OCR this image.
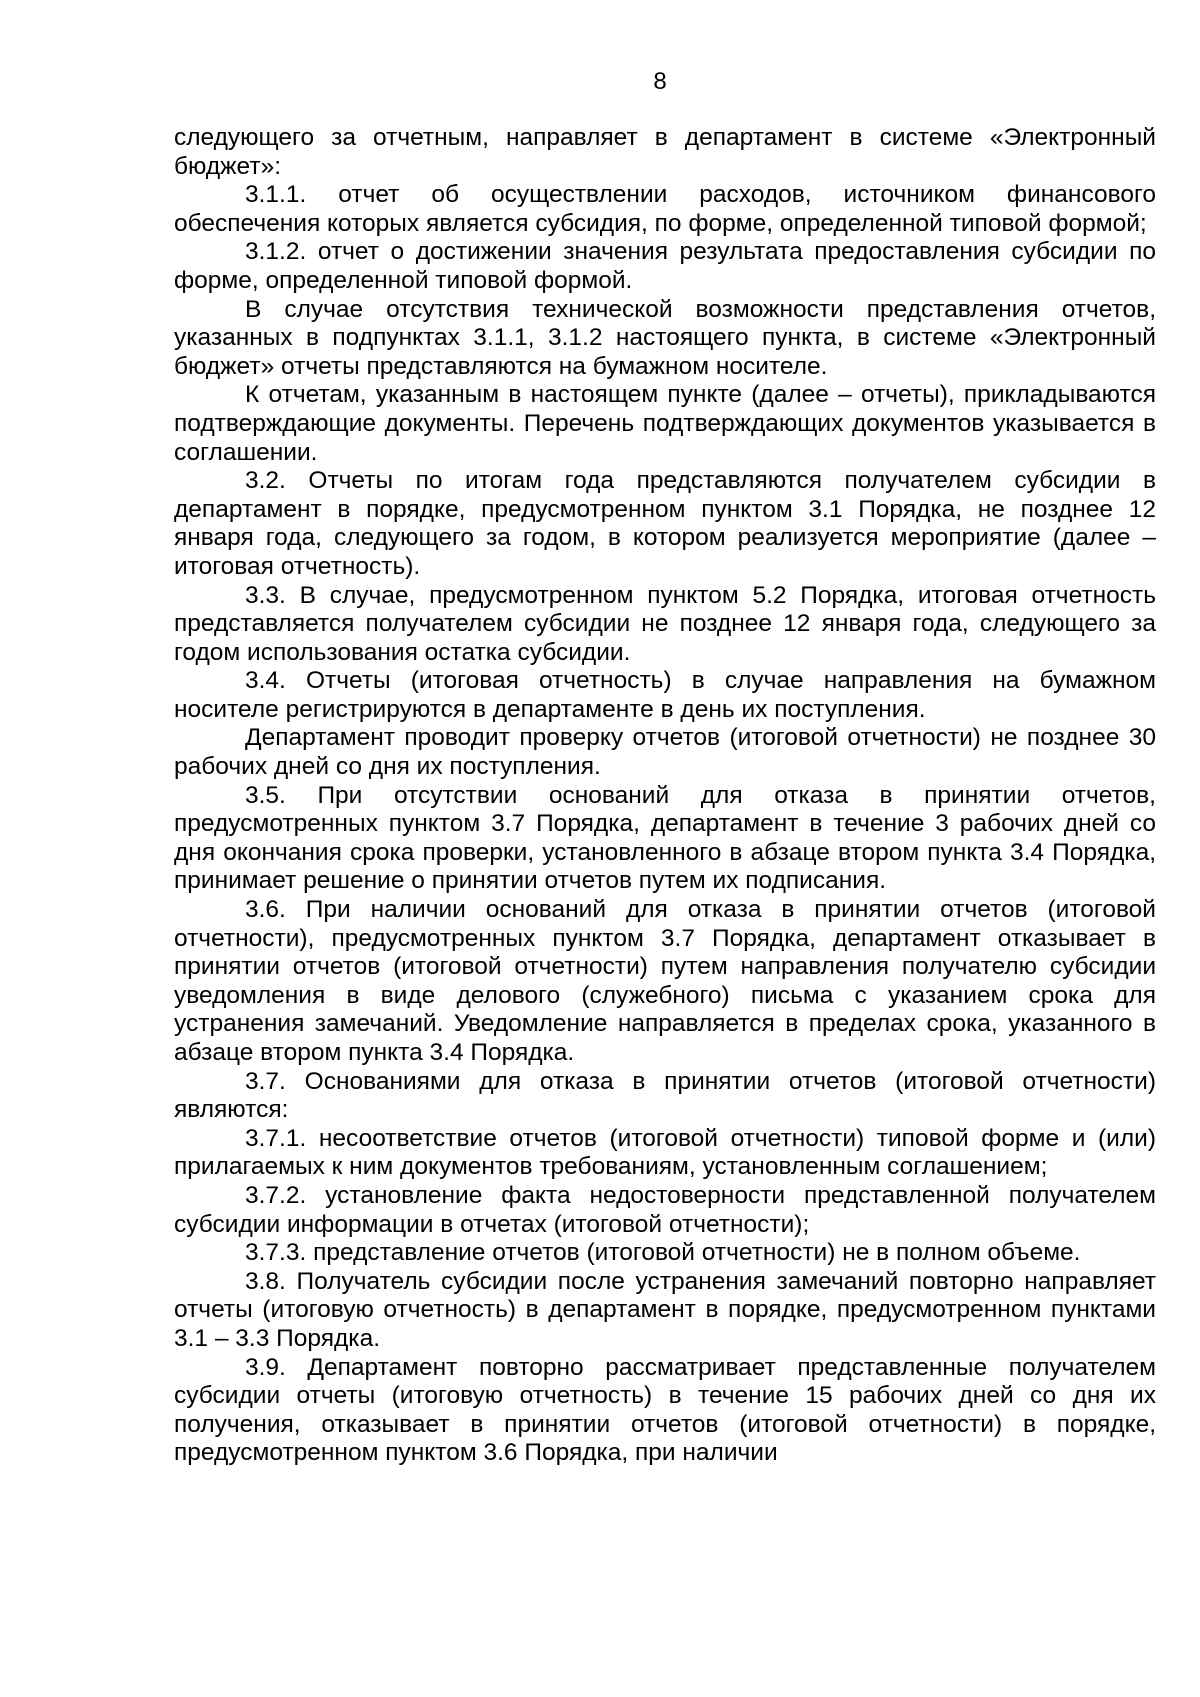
8

следующего за отчетным, направляет в департамент в системе «Электронный бюджет»:

3.1.1. отчет об осуществлении расходов, источником финансового обеспечения которых является субсидия, по форме, определенной типовой формой;

3.1.2. отчет о достижении значения результата предоставления субсидии по форме, определенной типовой формой.

В случае отсутствия технической возможности представления отчетов, указанных в подпунктах 3.1.1, 3.1.2 настоящего пункта, в системе «Электронный бюджет» отчеты представляются на бумажном носителе.

К отчетам, указанным в настоящем пункте (далее – отчеты), прикладываются подтверждающие документы. Перечень подтверждающих документов указывается в соглашении.

3.2. Отчеты по итогам года представляются получателем субсидии в департамент в порядке, предусмотренном пунктом 3.1 Порядка, не позднее 12 января года, следующего за годом, в котором реализуется мероприятие (далее – итоговая отчетность).

3.3. В случае, предусмотренном пунктом 5.2 Порядка, итоговая отчетность представляется получателем субсидии не позднее 12 января года, следующего за годом использования остатка субсидии.

3.4. Отчеты (итоговая отчетность) в случае направления на бумажном носителе регистрируются в департаменте в день их поступления.

Департамент проводит проверку отчетов (итоговой отчетности) не позднее 30 рабочих дней со дня их поступления.

3.5. При отсутствии оснований для отказа в принятии отчетов, предусмотренных пунктом 3.7 Порядка, департамент в течение 3 рабочих дней со дня окончания срока проверки, установленного в абзаце втором пункта 3.4 Порядка, принимает решение о принятии отчетов путем их подписания.

3.6. При наличии оснований для отказа в принятии отчетов (итоговой отчетности), предусмотренных пунктом 3.7 Порядка, департамент отказывает в принятии отчетов (итоговой отчетности) путем направления получателю субсидии уведомления в виде делового (служебного) письма с указанием срока для устранения замечаний. Уведомление направляется в пределах срока, указанного в абзаце втором пункта 3.4 Порядка.

3.7. Основаниями для отказа в принятии отчетов (итоговой отчетности) являются:

3.7.1. несоответствие отчетов (итоговой отчетности) типовой форме и (или) прилагаемых к ним документов требованиям, установленным соглашением;

3.7.2. установление факта недостоверности представленной получателем субсидии информации в отчетах (итоговой отчетности);

3.7.3. представление отчетов (итоговой отчетности) не в полном объеме.

3.8. Получатель субсидии после устранения замечаний повторно направляет отчеты (итоговую отчетность) в департамент в порядке, предусмотренном пунктами 3.1 – 3.3 Порядка.

3.9. Департамент повторно рассматривает представленные получателем субсидии отчеты (итоговую отчетность) в течение 15 рабочих дней со дня их получения, отказывает в принятии отчетов (итоговой отчетности) в порядке, предусмотренном пунктом 3.6 Порядка, при наличии
